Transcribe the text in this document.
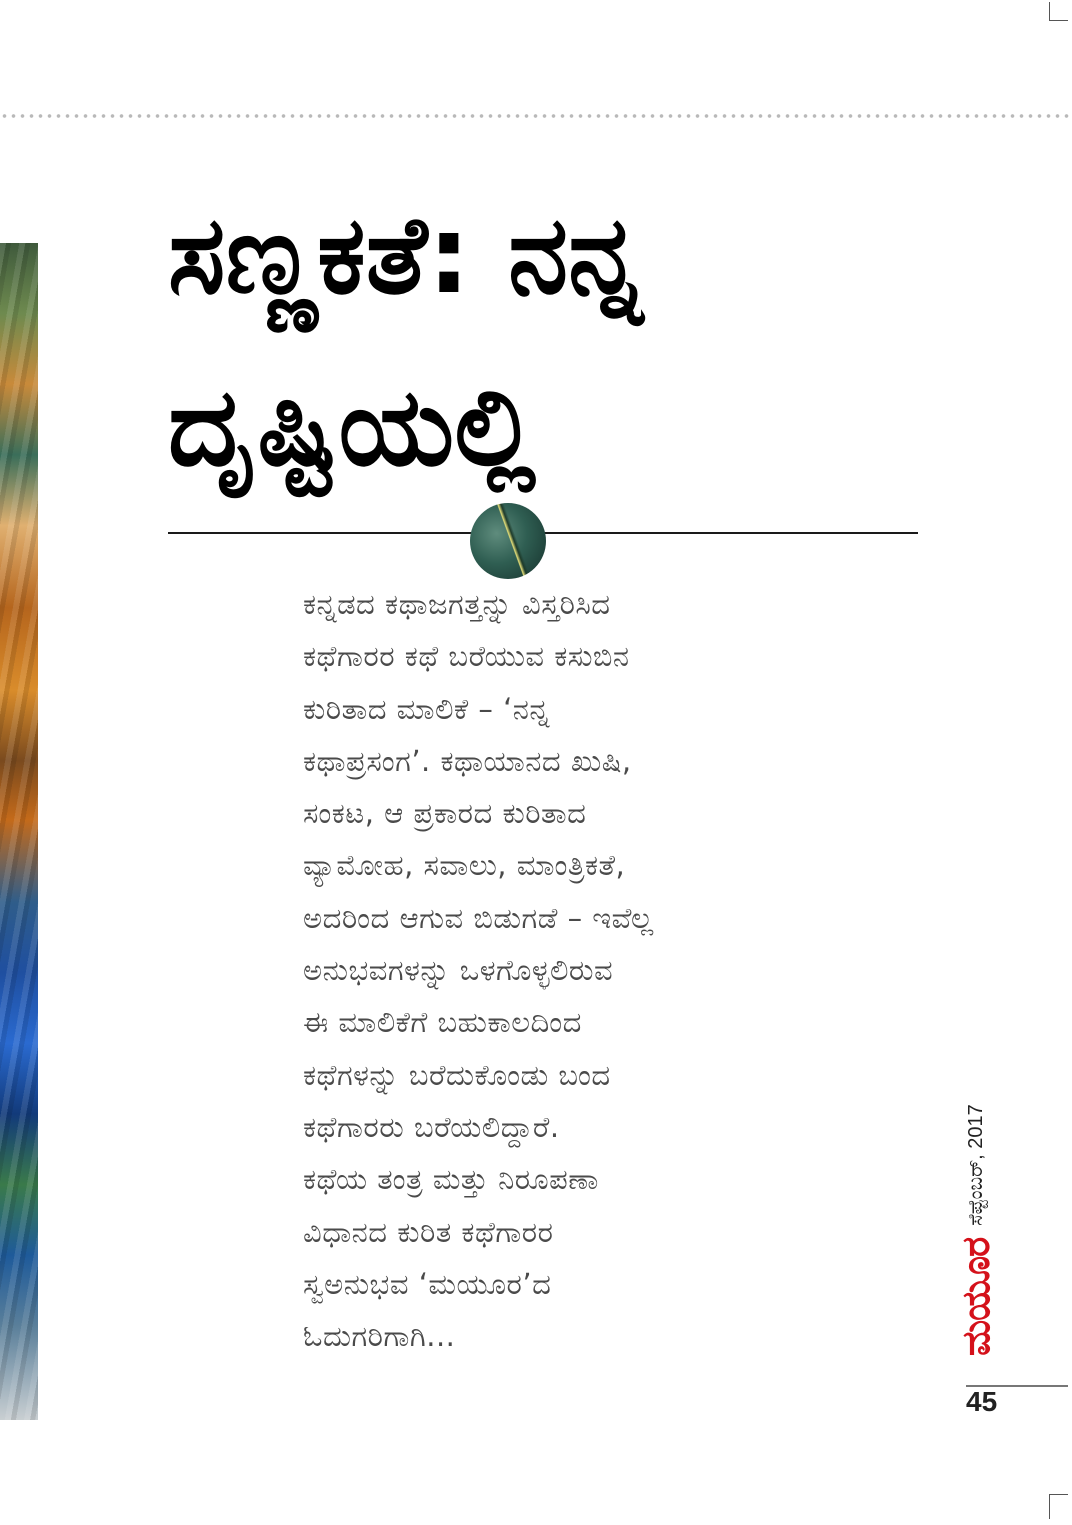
ಸಣ್ಣಕತೆ: ನನ್ನ
ದೃಷ್ಟಿಯಲ್ಲಿ
ಕನ್ನಡದ ಕಥಾಜಗತ್ತನ್ನು ವಿಸ್ತರಿಸಿದ
ಕಥೆಗಾರರ ಕಥೆ ಬರೆಯುವ ಕಸುಬಿನ
ಕುರಿತಾದ ಮಾಲಿಕೆ – ‘ನನ್ನ
ಕಥಾಪ್ರಸಂಗ’. ಕಥಾಯಾನದ ಖುಷಿ,
ಸಂಕಟ, ಆ ಪ್ರಕಾರದ ಕುರಿತಾದ
ವ್ಯಾಮೋಹ, ಸವಾಲು, ಮಾಂತ್ರಿಕತೆ,
ಅದರಿಂದ ಆಗುವ ಬಿಡುಗಡೆ – ಇವೆಲ್ಲ
ಅನುಭವಗಳನ್ನು ಒಳಗೊಳ್ಳಲಿರುವ
ಈ ಮಾಲಿಕೆಗೆ ಬಹುಕಾಲದಿಂದ
ಕಥೆಗಳನ್ನು ಬರೆದುಕೊಂಡು ಬಂದ
ಕಥೆಗಾರರು ಬರೆಯಲಿದ್ದಾರೆ.
ಕಥೆಯ ತಂತ್ರ ಮತ್ತು ನಿರೂಪಣಾ
ವಿಧಾನದ ಕುರಿತ ಕಥೆಗಾರರ
ಸ್ವಅನುಭವ ‘ಮಯೂರ’ದ
ಓದುಗರಿಗಾಗಿ...	ಮಯೂರ
ಸೆಪ್ಟೆಂಬರ್, 2017
45
